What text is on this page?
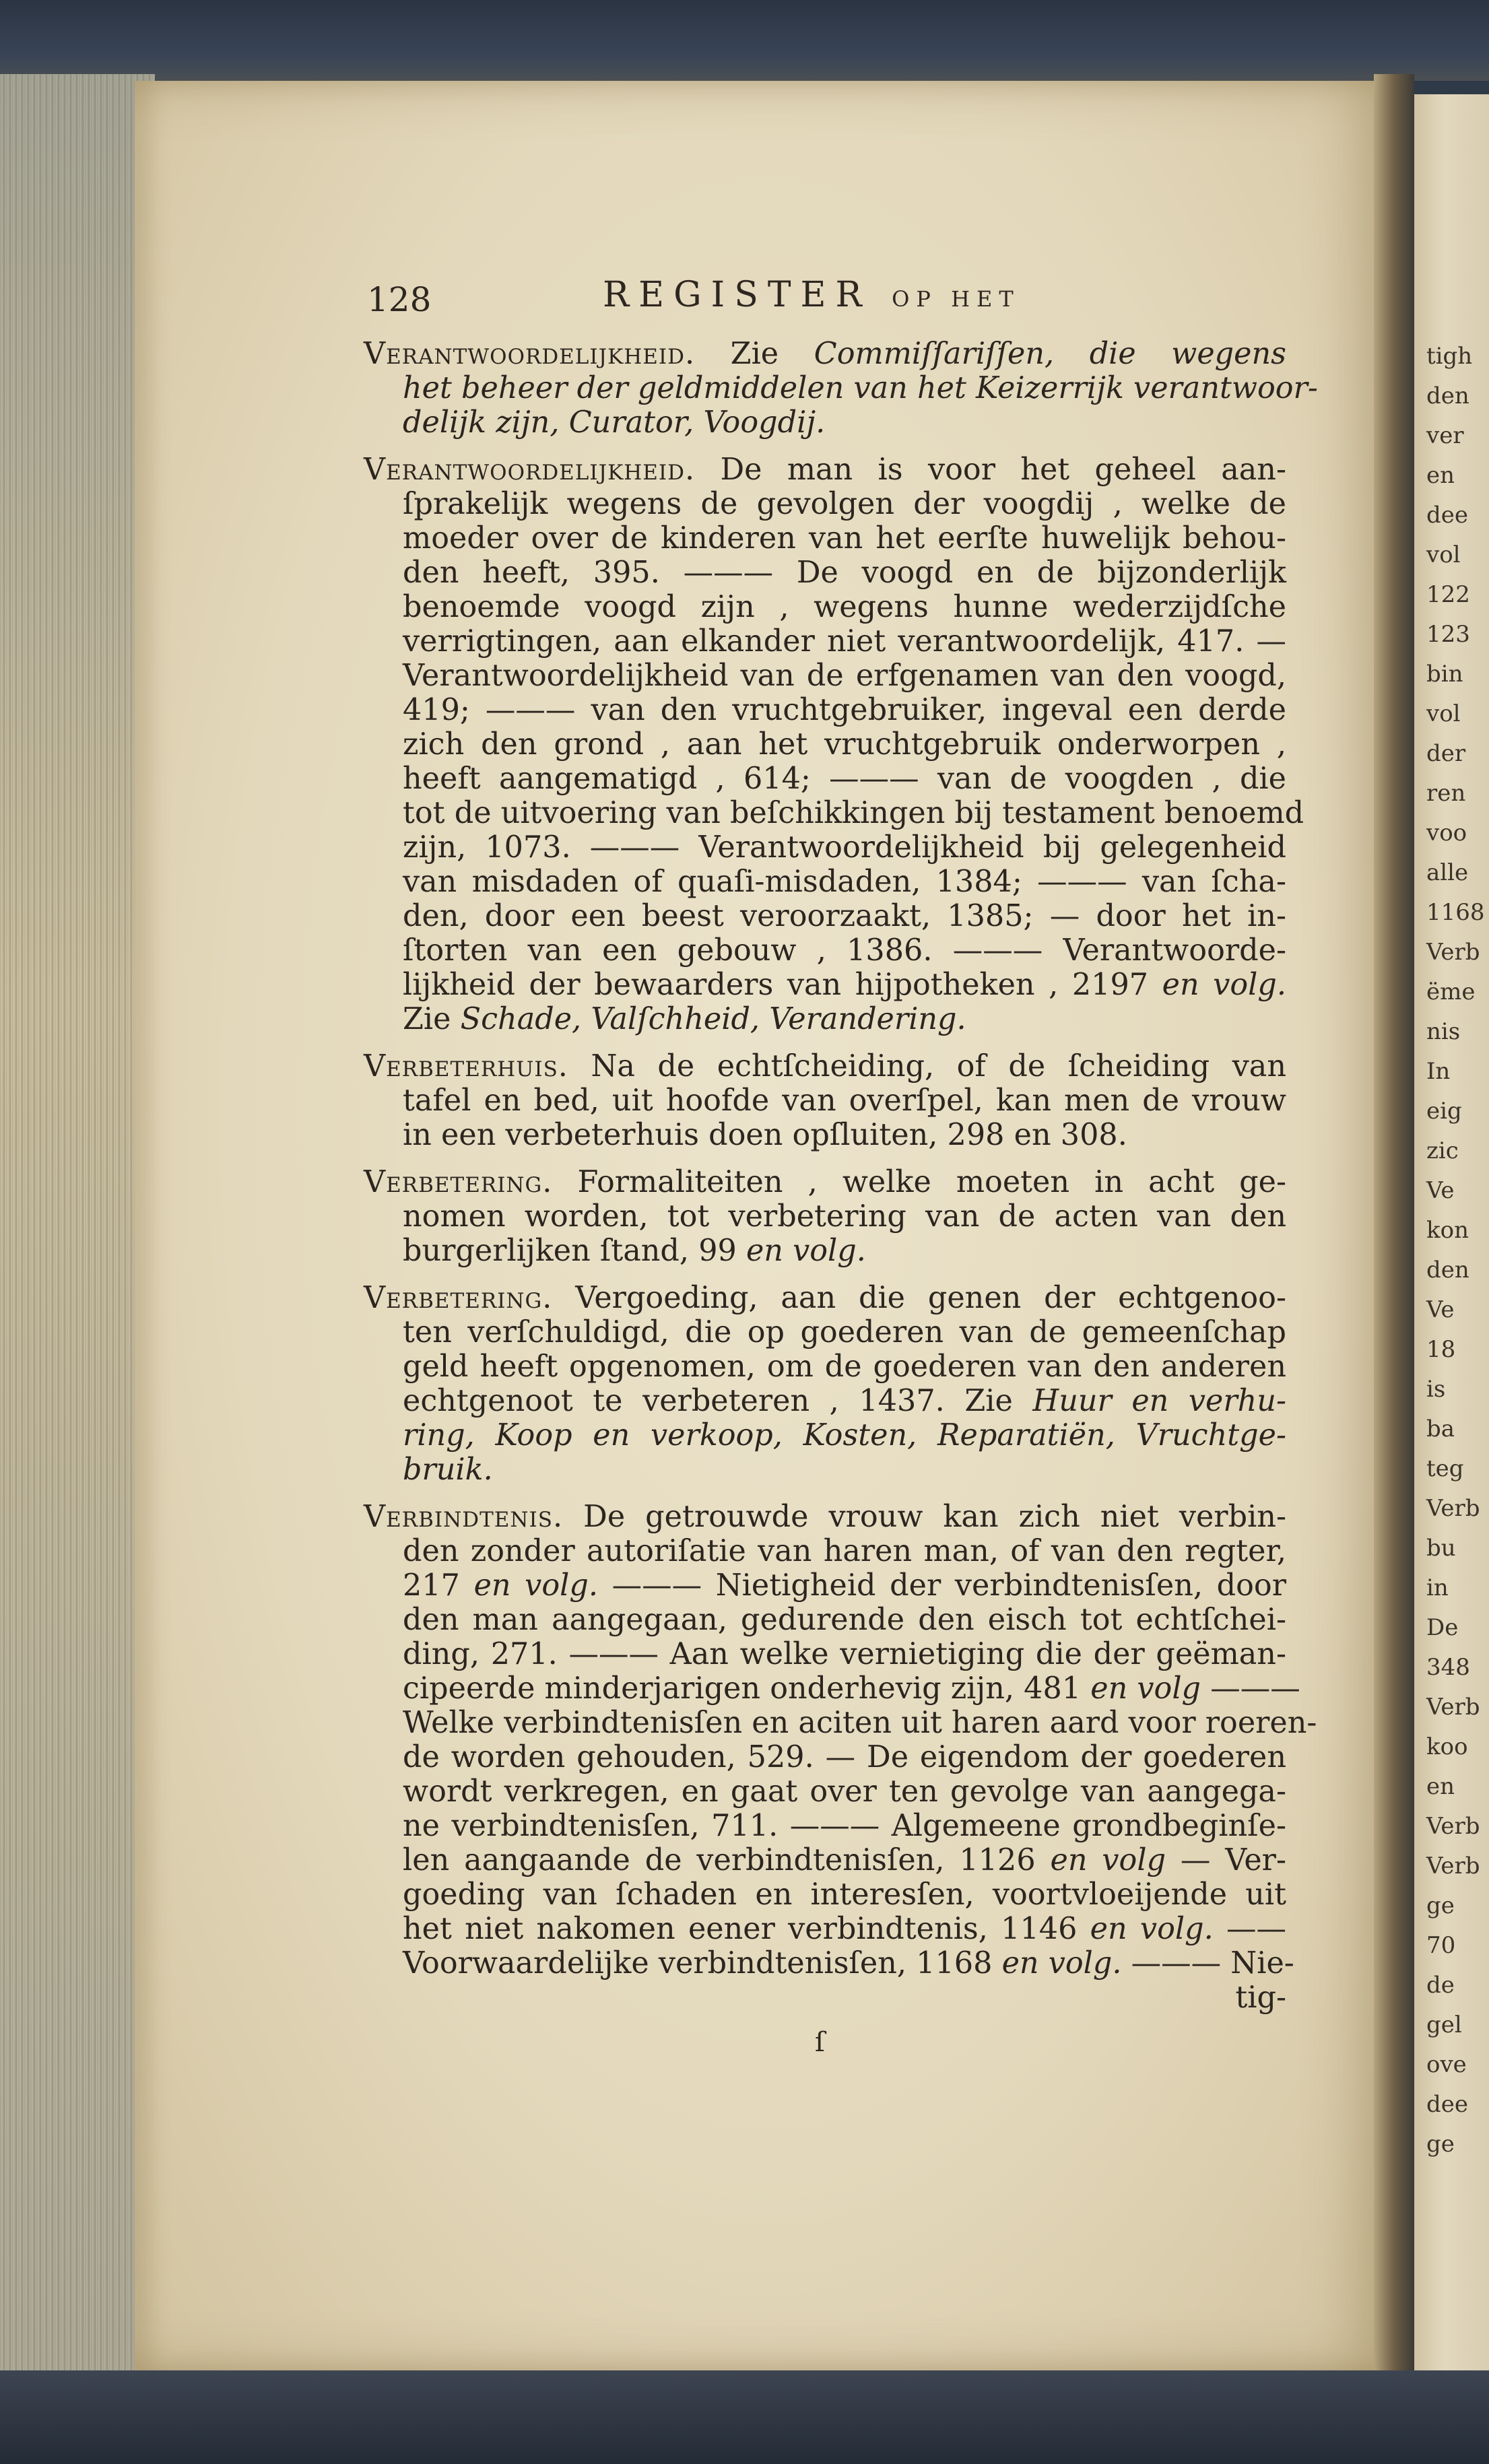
tigh
den
ver
en
dee
vol
122
123
bin
vol
der
ren
voo
alle
1168
Verb
ëme
nis
In
eig
zic
Ve
kon
den
Ve
18
is
ba
teg
Verb
bu
in
De
348
Verb
koo
en
Verb
Verb
ge
70
de
gel
ove
dee
ge
128	REGISTER OP HET
Verantwoordelijkheid. Zie Commiſſariſſen, die wegens
het beheer der geldmiddelen van het Keizerrijk verantwoor-
delijk zijn, Curator, Voogdij.
Verantwoordelijkheid. De man is voor het geheel aan-
ſprakelijk wegens de gevolgen der voogdij , welke de
moeder over de kinderen van het eerſte huwelijk behou-
den heeft, 395. ——— De voogd en de bijzonderlijk
benoemde voogd zijn , wegens hunne wederzijdſche
verrigtingen, aan elkander niet verantwoordelijk, 417. —
Verantwoordelijkheid van de erfgenamen van den voogd,
419; ——— van den vruchtgebruiker, ingeval een derde
zich den grond , aan het vruchtgebruik onderworpen ,
heeft aangematigd , 614; ——— van de voogden , die
tot de uitvoering van beſchikkingen bij testament benoemd
zijn, 1073. ——— Verantwoordelijkheid bij gelegenheid
van misdaden of quaſi-misdaden, 1384; ——— van ſcha-
den, door een beest veroorzaakt, 1385; — door het in-
ſtorten van een gebouw , 1386. ——— Verantwoorde-
lijkheid der bewaarders van hijpotheken , 2197 en volg.
Zie Schade, Valſchheid, Verandering.
Verbeterhuis. Na de echtſcheiding, of de ſcheiding van
tafel en bed, uit hoofde van overſpel, kan men de vrouw
in een verbeterhuis doen opſluiten, 298 en 308.
Verbetering. Formaliteiten , welke moeten in acht ge-
nomen worden, tot verbetering van de acten van den
burgerlijken ſtand, 99 en volg.
Verbetering. Vergoeding, aan die genen der echtgenoo-
ten verſchuldigd, die op goederen van de gemeenſchap
geld heeft opgenomen, om de goederen van den anderen
echtgenoot te verbeteren , 1437. Zie Huur en verhu-
ring, Koop en verkoop, Kosten, Reparatiën, Vruchtge-
bruik.
Verbindtenis. De getrouwde vrouw kan zich niet verbin-
den zonder autoriſatie van haren man, of van den regter,
217 en volg. ——— Nietigheid der verbindtenisſen, door
den man aangegaan, gedurende den eisch tot echtſchei-
ding, 271. ——— Aan welke vernietiging die der geëman-
cipeerde minderjarigen onderhevig zijn, 481 en volg ———
Welke verbindtenisſen en aciten uit haren aard voor roeren-
de worden gehouden, 529. — De eigendom der goederen
wordt verkregen, en gaat over ten gevolge van aangega-
ne verbindtenisſen, 711. ——— Algemeene grondbeginſe-
len aangaande de verbindtenisſen, 1126 en volg — Ver-
goeding van ſchaden en interesſen, voortvloeijende uit
het niet nakomen eener verbindtenis, 1146 en volg. ——
Voorwaardelijke verbindtenisſen, 1168 en volg. ——— Nie-
tig-
ſ
